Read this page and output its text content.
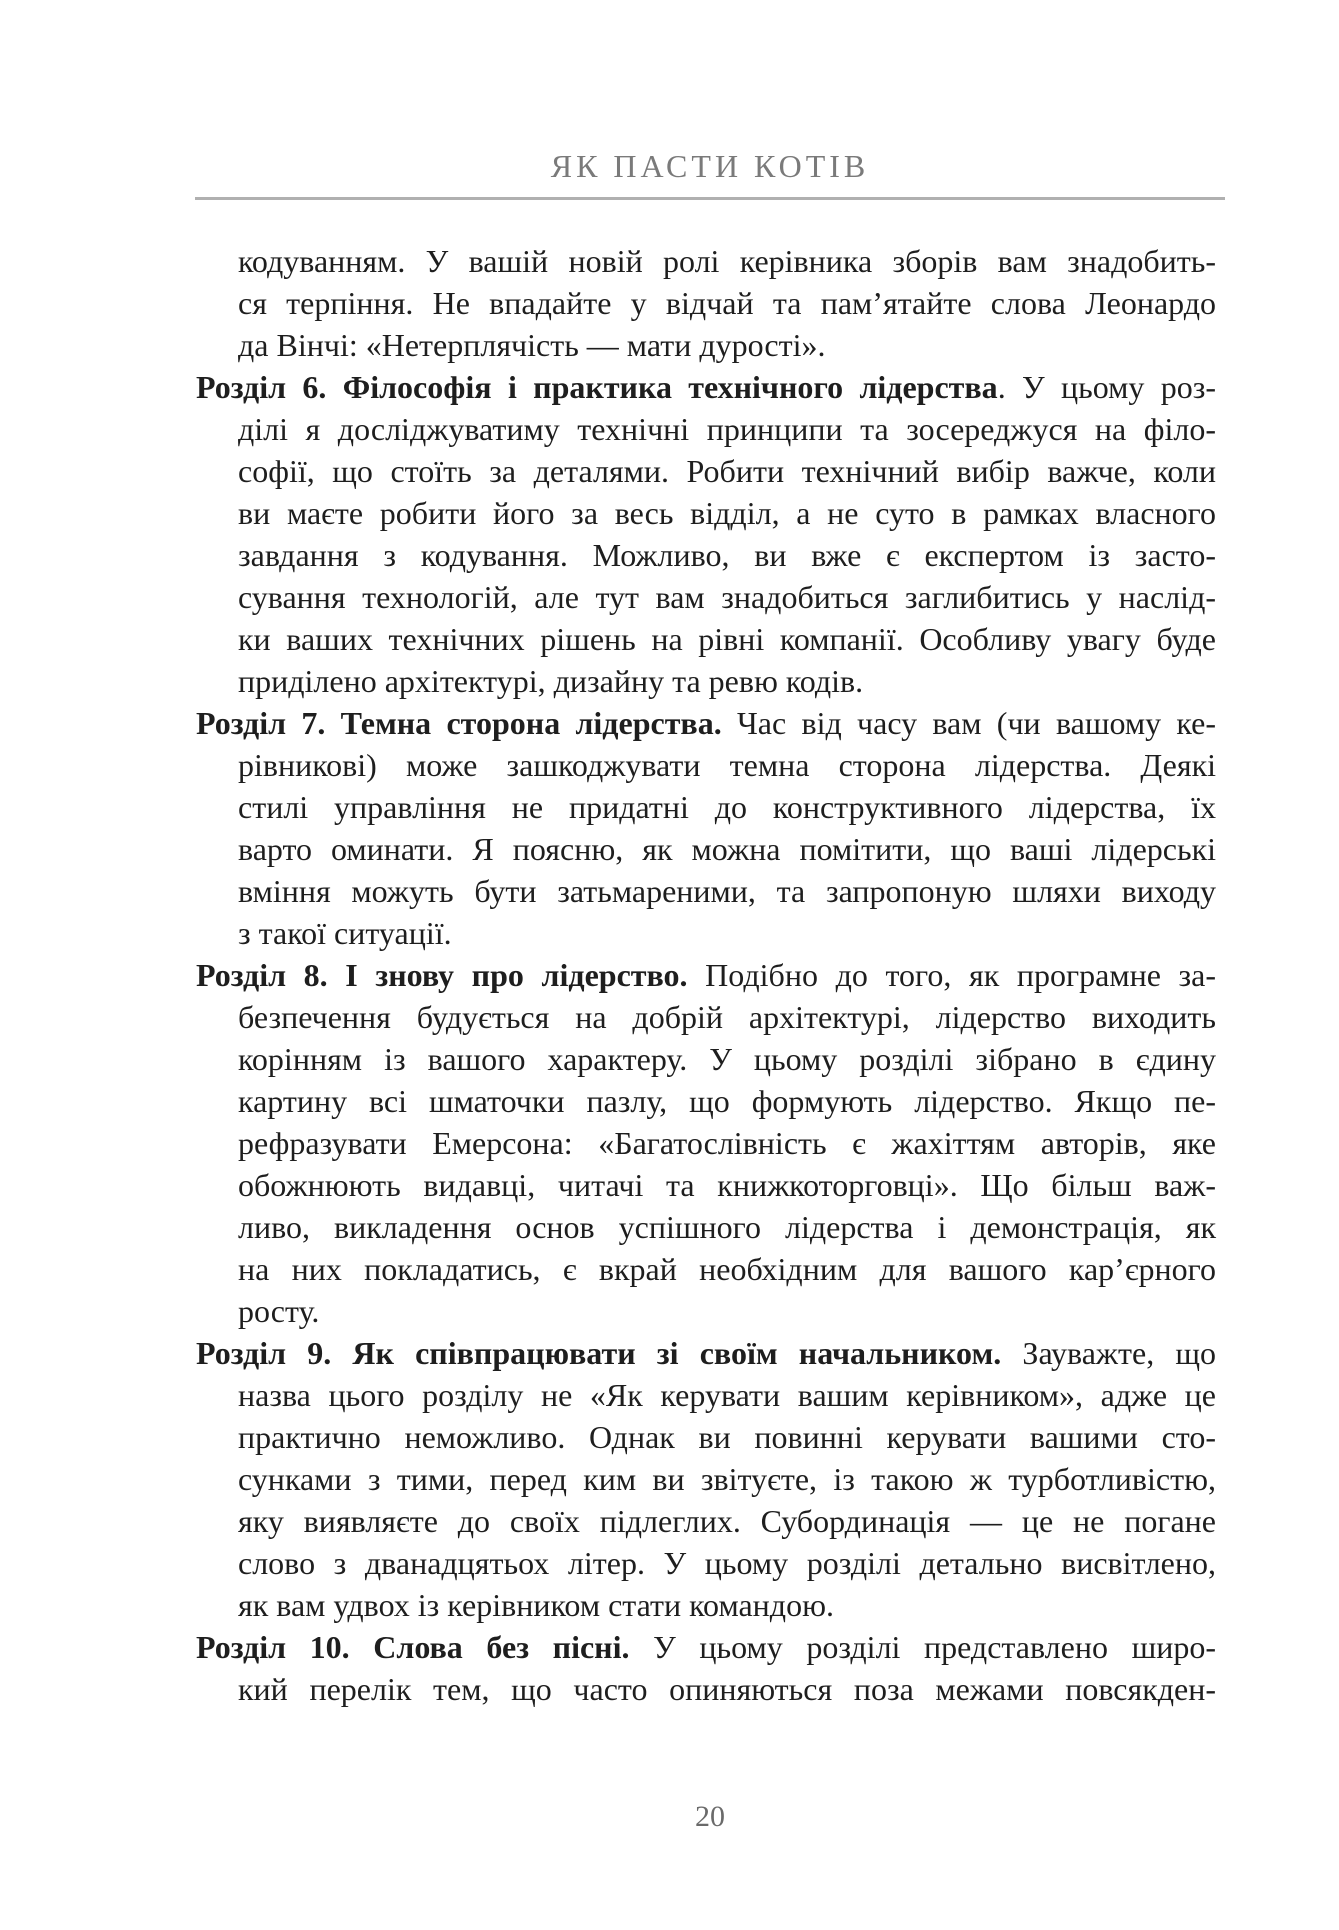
ЯК ПАСТИ КОТІВ
кодуванням. У вашій новій ролі керівника зборів вам знадобить-
ся терпіння. Не впадайте у відчай та пам’ятайте слова Леонардо
да Вінчі: «Нетерплячість — мати дурості».
Розділ 6. Філософія і практика технічного лідерства. У цьому роз-
ділі я досліджуватиму технічні принципи та зосереджуся на філо-
софії, що стоїть за деталями. Робити технічний вибір важче, коли
ви маєте робити його за весь відділ, а не суто в рамках власного
завдання з кодування. Можливо, ви вже є експертом із засто-
сування технологій, але тут вам знадобиться заглибитись у наслід-
ки ваших технічних рішень на рівні компанії. Особливу увагу буде
приділено архітектурі, дизайну та ревю кодів.
Розділ 7. Темна сторона лідерства. Час від часу вам (чи вашому ке-
рівникові) може зашкоджувати темна сторона лідерства. Деякі
стилі управління не придатні до конструктивного лідерства, їх
варто оминати. Я поясню, як можна помітити, що ваші лідерські
вміння можуть бути затьмареними, та запропоную шляхи виходу
з такої ситуації.
Розділ 8. І знову про лідерство. Подібно до того, як програмне за-
безпечення будується на добрій архітектурі, лідерство виходить
корінням із вашого характеру. У цьому розділі зібрано в єдину
картину всі шматочки пазлу, що формують лідерство. Якщо пе-
рефразувати Емерсона: «Багатослівність є жахіттям авторів, яке
обожнюють видавці, читачі та книжкоторговці». Що більш важ-
ливо, викладення основ успішного лідерства і демонстрація, як
на них покладатись, є вкрай необхідним для вашого кар’єрного
росту.
Розділ 9. Як співпрацювати зі своїм начальником. Зауважте, що
назва цього розділу не «Як керувати вашим керівником», адже це
практично неможливо. Однак ви повинні керувати вашими сто-
сунками з тими, перед ким ви звітуєте, із такою ж турботливістю,
яку виявляєте до своїх підлеглих. Субординація — це не погане
слово з дванадцятьох літер. У цьому розділі детально висвітлено,
як вам удвох із керівником стати командою.
Розділ 10. Слова без пісні. У цьому розділі представлено широ-
кий перелік тем, що часто опиняються поза межами повсякден-
20
